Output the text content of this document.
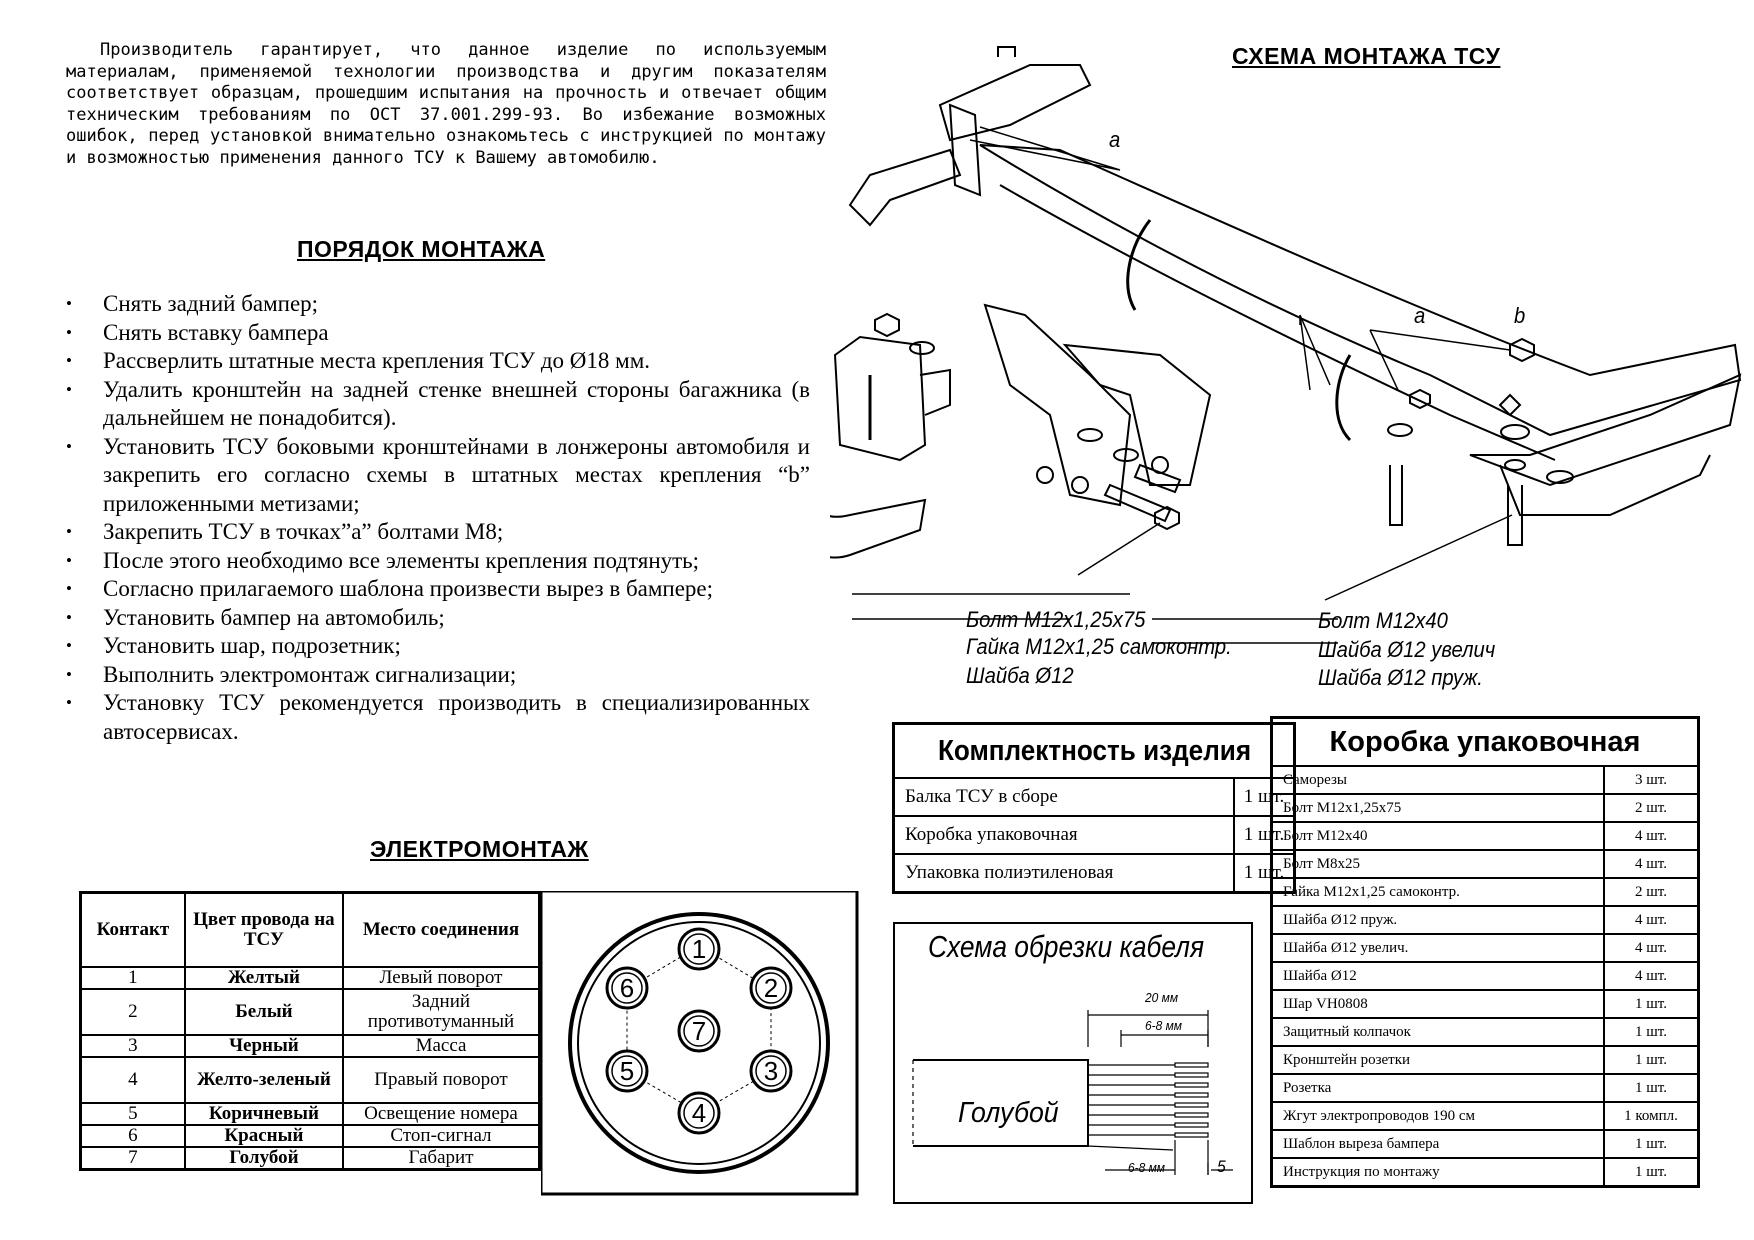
Производитель гарантирует, что данное изделие по используемым материалам, применяемой технологии производства и другим показателям соответствует образцам, прошедшим испытания на прочность и отвечает общим техническим требованиям по ОСТ 37.001.299-93. Во избежание возможных ошибок, перед установкой внимательно ознакомьтесь с инструкцией по монтажу и возможностью применения данного ТСУ к Вашему автомобилю.

ПОРЯДОК МОНТАЖА
• Снять задний бампер;
• Снять вставку бампера
• Рассверлить штатные места крепления ТСУ до Ø18 мм.
• Удалить кронштейн на задней стенке внешней стороны багажника (в дальнейшем не понадобится).
• Установить ТСУ боковыми кронштейнами в лонжероны автомобиля и закрепить его согласно схемы в штатных местах крепления “b” приложенными метизами;
• Закрепить ТСУ в точках”a” болтами М8;
• После этого необходимо все элементы крепления подтянуть;
• Согласно прилагаемого шаблона произвести вырез в бампере;
• Установить бампер на автомобиль;
• Установить шар, подрозетник;
• Выполнить электромонтаж сигнализации;
• Установку ТСУ рекомендуется производить в специализированных автосервисах.
ЭЛЕКТРОМОНТАЖ
Контакт	Цвет провода на ТСУ	Место соединения
1	Желтый	Левый поворот
2	Белый	Задний противотуманный
3	Черный	Масса
4	Желто-зеленый	Правый поворот
5	Коричневый	Освещение номера
6	Красный	Стоп-сигнал
7	Голубой	Габарит
1
2
3
4
5
6
7
СХЕМА МОНТАЖА ТСУ
a
a	b
Болт М12х1,25х75
Гайка М12х1,25 самоконтр.
Шайба Ø12
Болт М12х40
Шайба Ø12 увелич
Шайба Ø12 пруж.
Комплектность изделия	
Балка ТСУ в сборе	1 шт.
Коробка упаковочная	1 шт.
Упаковка полиэтиленовая	1 шт.
Коробка упаковочная	
Саморезы	3 шт.
Болт М12х1,25х75	2 шт.
Болт М12х40	4 шт.
Болт М8х25	4 шт.
Гайка М12х1,25 самоконтр.	2 шт.
Шайба Ø12 пруж.	4 шт.
Шайба Ø12 увелич.	4 шт.
Шайба Ø12	4 шт.
Шар VH0808	1 шт.
Защитный колпачок	1 шт.
Кронштейн розетки	1 шт.
Розетка	1 шт.
Жгут электропроводов 190 см	1 компл.
Шаблон выреза бампера	1 шт.
Инструкция по монтажу	1 шт.
Схема обрезки кабеля
20 мм
6-8 мм
6-8 мм	5
Голубой
